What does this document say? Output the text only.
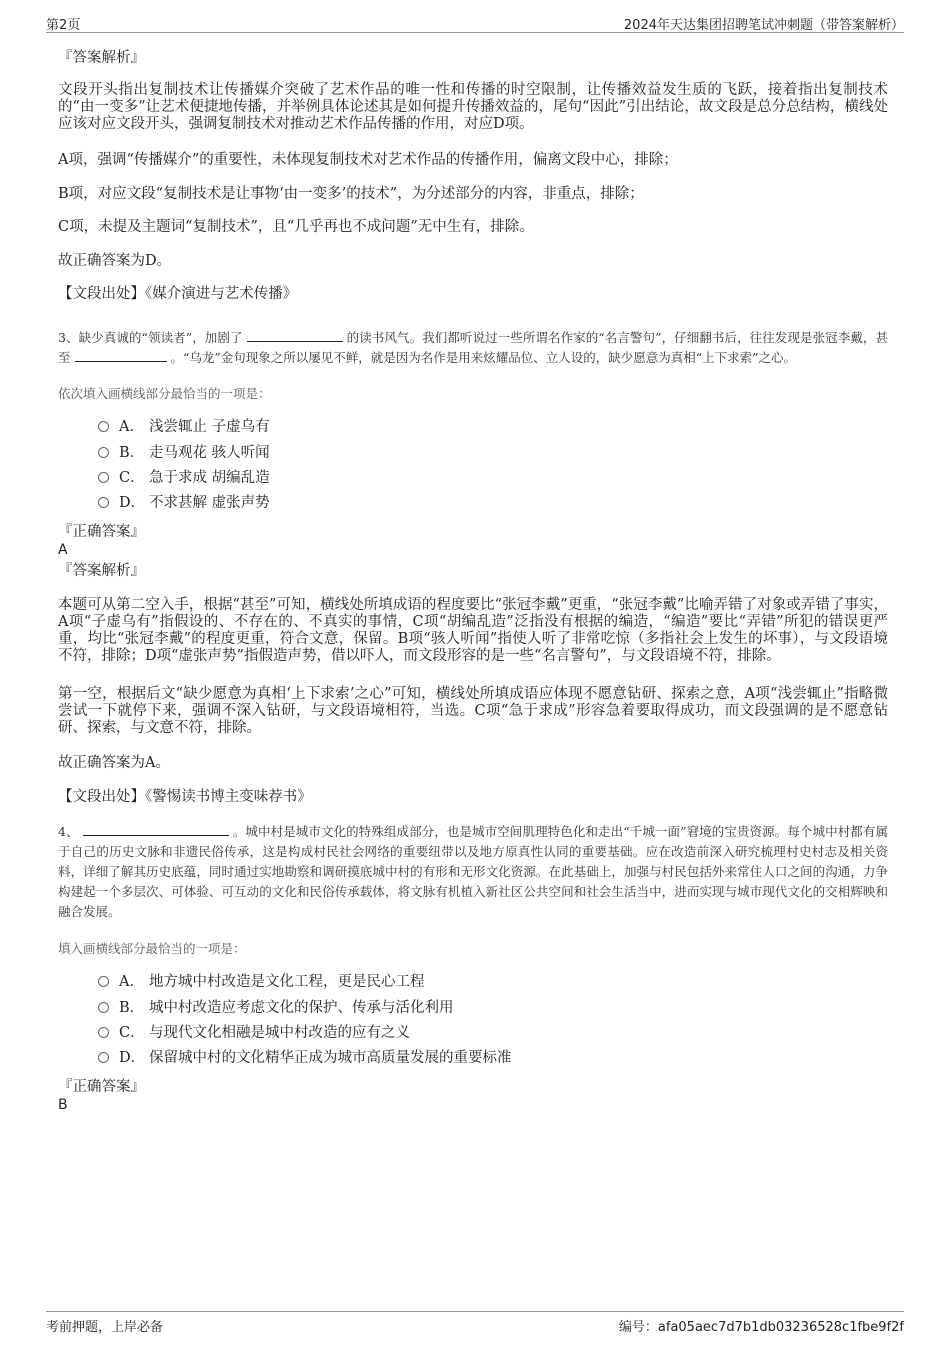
第2页	2024年天达集团招聘笔试冲刺题（带答案解析）
『答案解析』

文段开头指出复制技术让传播媒介突破了艺术作品的唯一性和传播的时空限制，让传播效益发生质的飞跃，接着指出复制技术的“由一变多”让艺术便捷地传播，并举例具体论述其是如何提升传播效益的，尾句“因此”引出结论，故文段是总分总结构，横线处应该对应文段开头，强调复制技术对推动艺术作品传播的作用，对应D项。

A项，强调“传播媒介”的重要性，未体现复制技术对艺术作品的传播作用，偏离文段中心，排除；

B项，对应文段“复制技术是让事物‘由一变多’的技术”，为分述部分的内容，非重点，排除；

C项，未提及主题词“复制技术”，且“几乎再也不成问题”无中生有，排除。

故正确答案为D。

【文段出处】《媒介演进与艺术传播》

3、缺少真诚的“领读者”，加剧了	的读书风气。我们都听说过一些所谓名作家的“名言警句”，仔细翻书后，往往发现是张冠李戴，甚至	。“乌龙”金句现象之所以屡见不鲜，就是因为名作是用来炫耀品位、立人设的，缺少愿意为真相“上下求索”之心。
依次填入画横线部分最恰当的一项是：
A． 浅尝辄止 子虚乌有
B． 走马观花 骇人听闻
C． 急于求成 胡编乱造
D． 不求甚解 虚张声势
『正确答案』
A
『答案解析』

本题可从第二空入手，根据“甚至”可知，横线处所填成语的程度要比“张冠李戴”更重，“张冠李戴”比喻弄错了对象或弄错了事实，A项“子虚乌有”指假设的、不存在的、不真实的事情，C项“胡编乱造”泛指没有根据的编造，“编造”要比“弄错”所犯的错误更严重，均比“张冠李戴”的程度更重，符合文意，保留。B项“骇人听闻”指使人听了非常吃惊（多指社会上发生的坏事），与文段语境不符，排除；D项“虚张声势”指假造声势，借以吓人，而文段形容的是一些“名言警句”，与文段语境不符，排除。

第一空，根据后文“缺少愿意为真相‘上下求索’之心”可知，横线处所填成语应体现不愿意钻研、探索之意，A项“浅尝辄止”指略微尝试一下就停下来，强调不深入钻研，与文段语境相符，当选。C项“急于求成”形容急着要取得成功，而文段强调的是不愿意钻研、探索，与文意不符，排除。

故正确答案为A。

【文段出处】《警惕读书博主变味荐书》

4、	。城中村是城市文化的特殊组成部分，也是城市空间肌理特色化和走出“千城一面”窘境的宝贵资源。每个城中村都有属于自己的历史文脉和非遗民俗传承，这是构成村民社会网络的重要纽带以及地方原真性认同的重要基础。应在改造前深入研究梳理村史村志及相关资料，详细了解其历史底蕴，同时通过实地勘察和调研摸底城中村的有形和无形文化资源。在此基础上，加强与村民包括外来常住人口之间的沟通，力争构建起一个多层次、可体验、可互动的文化和民俗传承载体，将文脉有机植入新社区公共空间和社会生活当中，进而实现与城市现代文化的交相辉映和融合发展。
填入画横线部分最恰当的一项是：
A． 地方城中村改造是文化工程，更是民心工程
B． 城中村改造应考虑文化的保护、传承与活化利用
C． 与现代文化相融是城中村改造的应有之义
D． 保留城中村的文化精华正成为城市高质量发展的重要标准
『正确答案』
B
考前押题，上岸必备	编号：afa05aec7d7b1db03236528c1fbe9f2f
